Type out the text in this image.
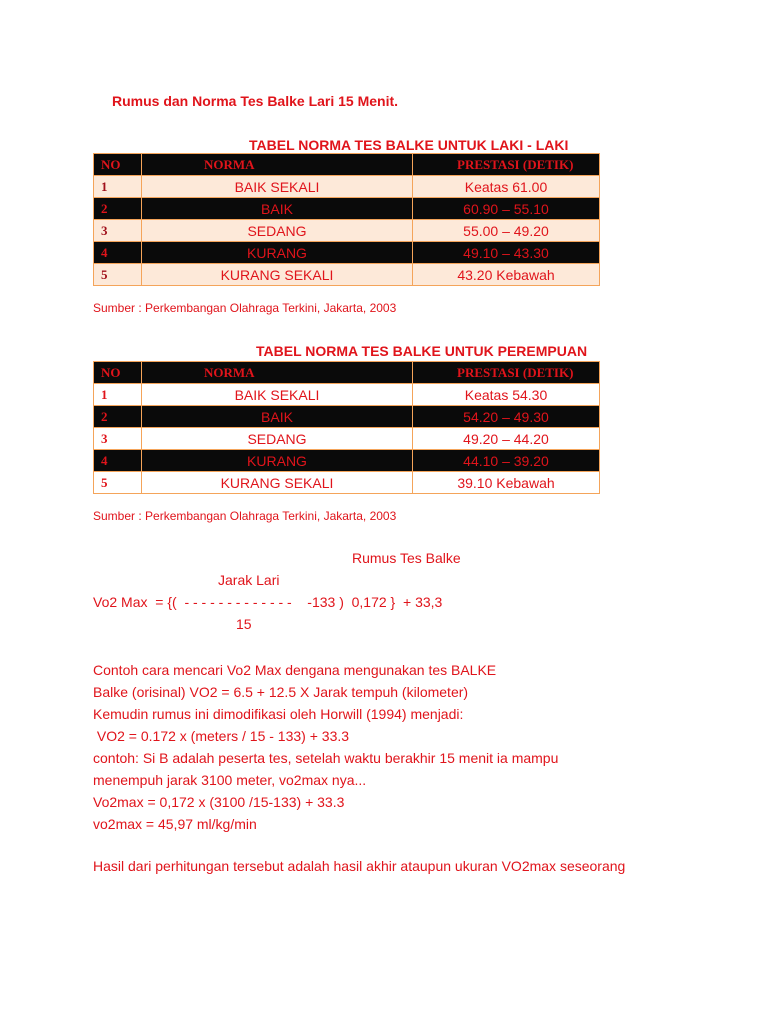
Rumus dan Norma Tes Balke Lari 15 Menit.
TABEL NORMA TES BALKE UNTUK LAKI - LAKI
NO	NORMA	PRESTASI (DETIK)
1	BAIK SEKALI	Keatas 61.00
2	BAIK	60.90 – 55.10
3	SEDANG	55.00 – 49.20
4	KURANG	49.10 – 43.30
5	KURANG SEKALI	43.20 Kebawah
Sumber : Perkembangan Olahraga Terkini, Jakarta, 2003
TABEL NORMA TES BALKE UNTUK PEREMPUAN
NO	NORMA	PRESTASI (DETIK)
1	BAIK SEKALI	Keatas 54.30
2	BAIK	54.20 – 49.30
3	SEDANG	49.20 – 44.20
4	KURANG	44.10 – 39.20
5	KURANG SEKALI	39.10 Kebawah
Sumber : Perkembangan Olahraga Terkini, Jakarta, 2003
Rumus Tes Balke
Jarak Lari
Vo2 Max  = {(  - - - - - - - - - - - - -    -133 )  0,172 }  + 33,3
15
Contoh cara mencari Vo2 Max dengana mengunakan tes BALKE
Balke (orisinal) VO2 = 6.5 + 12.5 X Jarak tempuh (kilometer)
Kemudin rumus ini dimodifikasi oleh Horwill (1994) menjadi:
VO2 = 0.172 x (meters / 15 - 133) + 33.3
contoh: Si B adalah peserta tes, setelah waktu berakhir 15 menit ia mampu
menempuh jarak 3100 meter, vo2max nya...
Vo2max = 0,172 x (3100 /15-133) + 33.3
vo2max = 45,97 ml/kg/min
Hasil dari perhitungan tersebut adalah hasil akhir ataupun ukuran VO2max seseorang
